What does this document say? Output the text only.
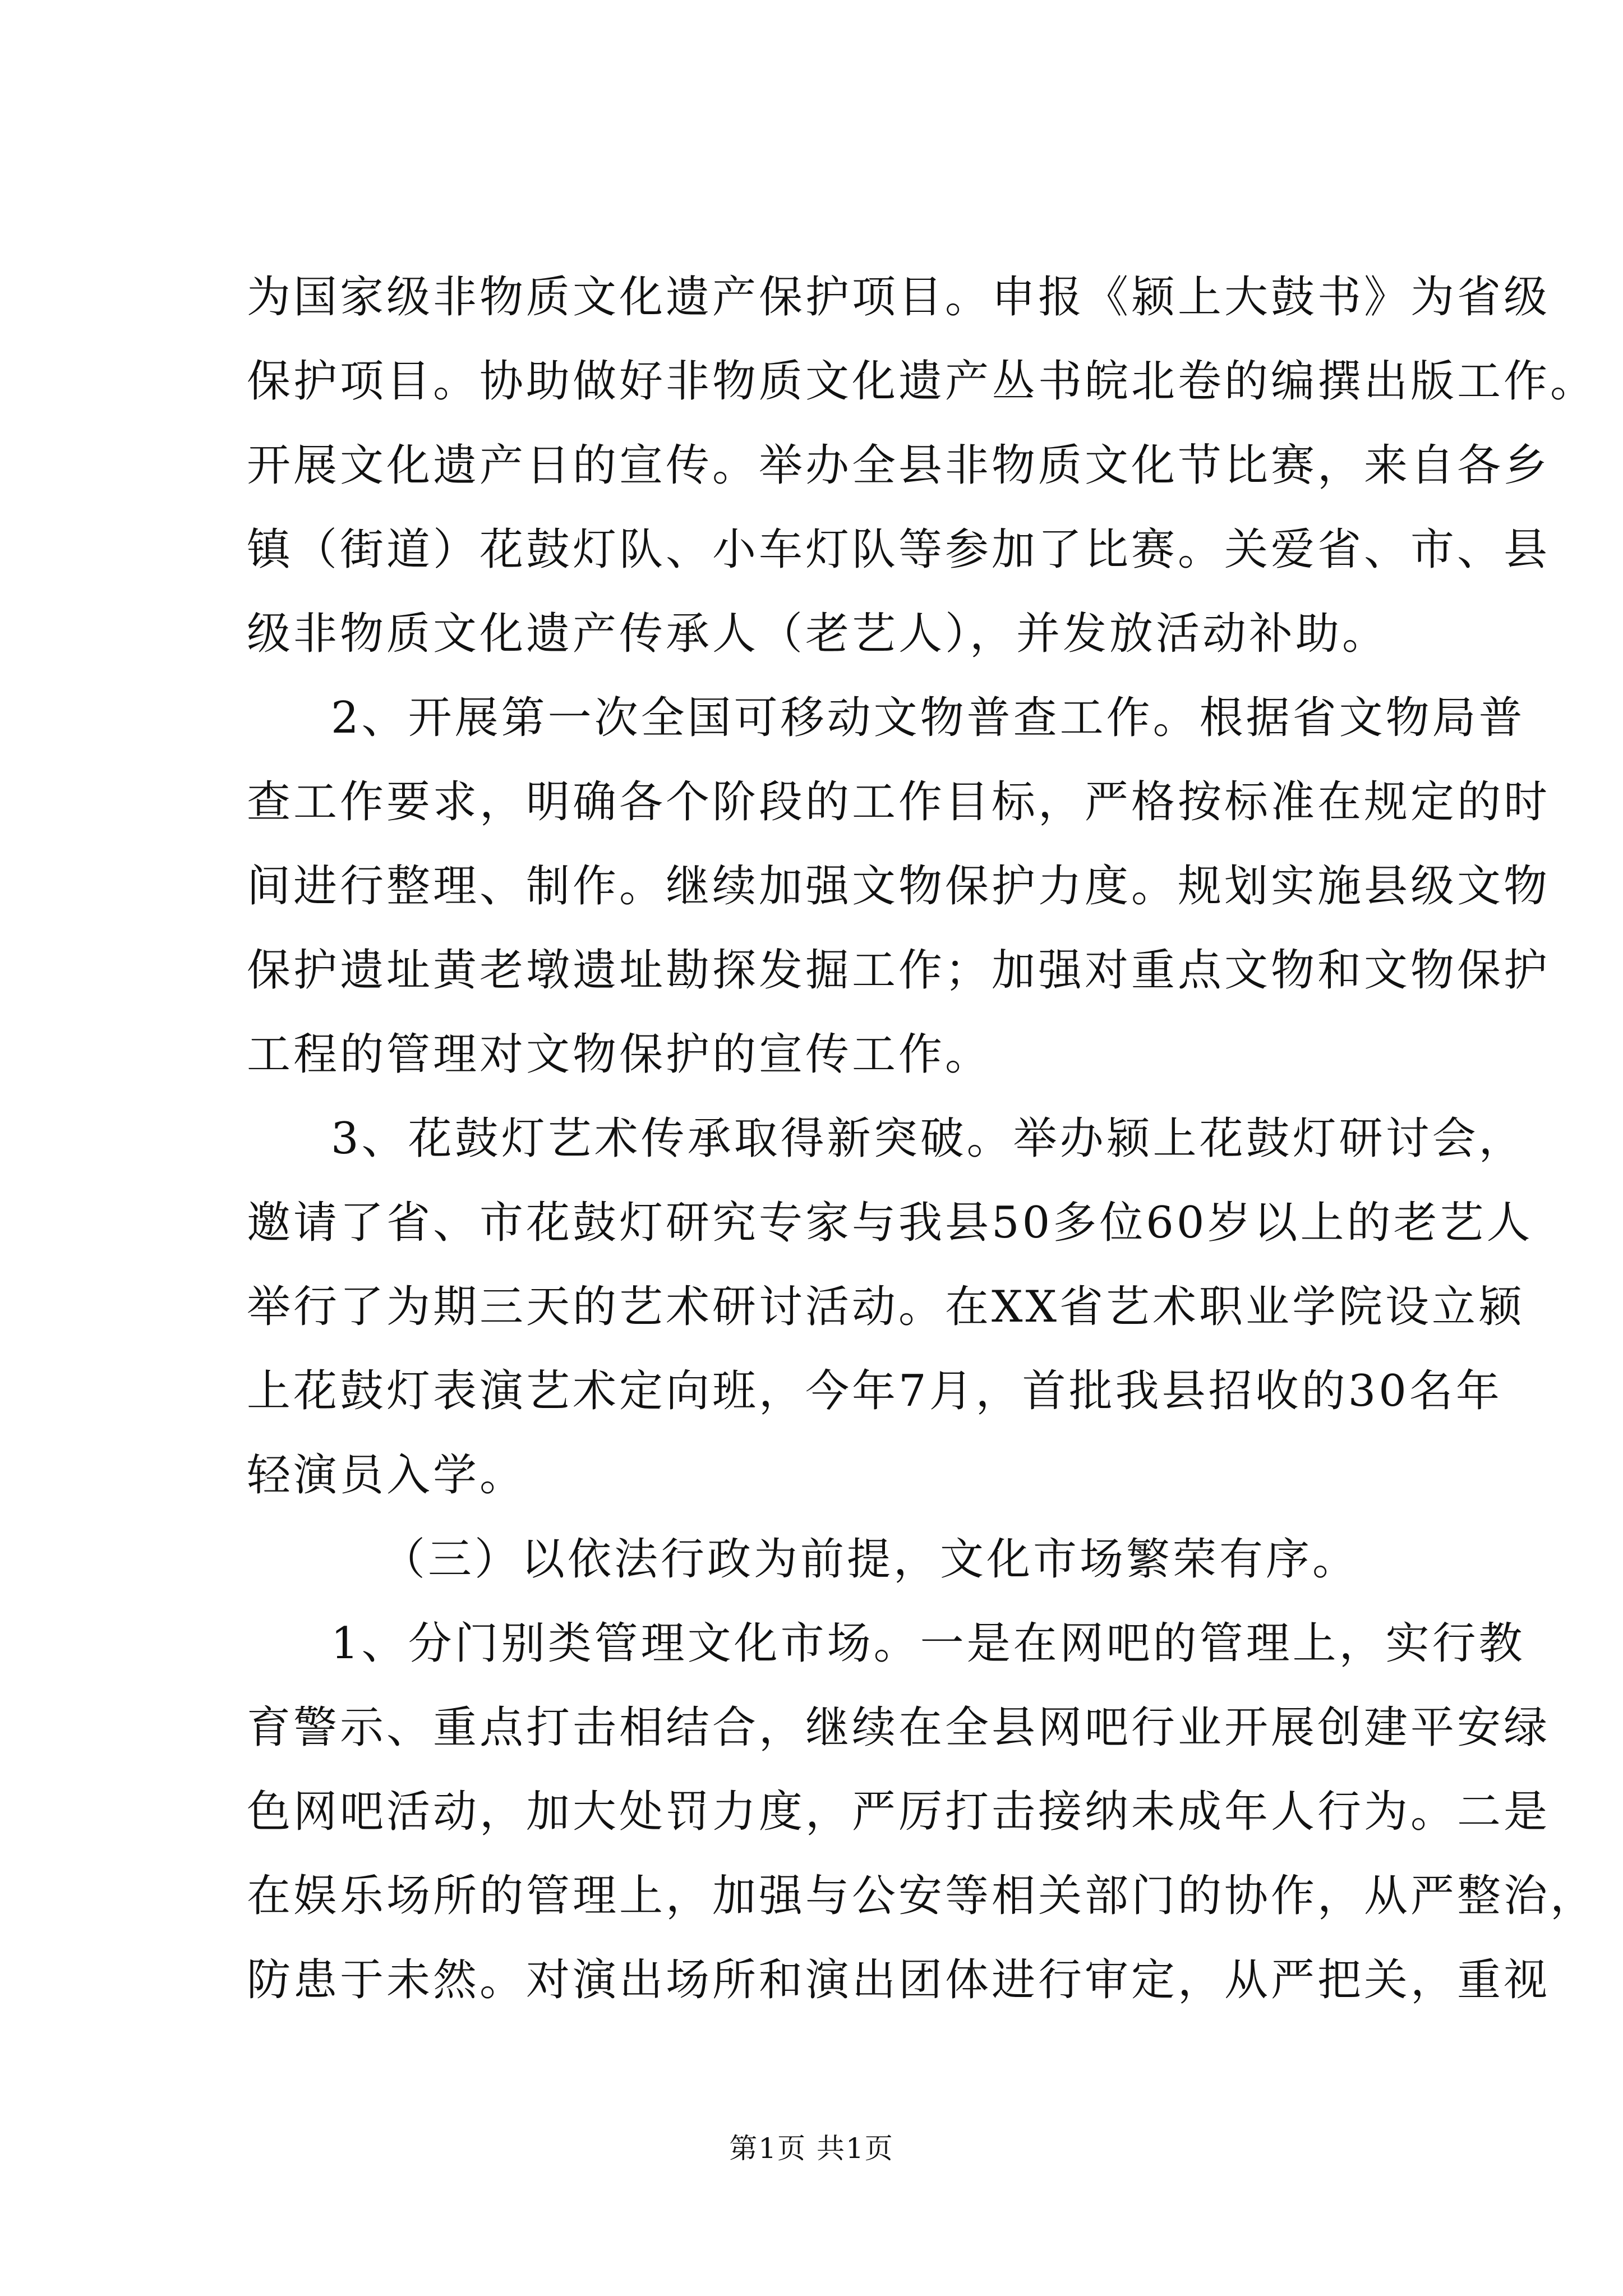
为国家级非物质文化遗产保护项目。申报《颍上大鼓书》为省级

保护项目。协助做好非物质文化遗产丛书皖北卷的编撰出版工作。

开展文化遗产日的宣传。举办全县非物质文化节比赛，来自各乡

镇（街道）花鼓灯队、小车灯队等参加了比赛。关爱省、市、县

级非物质文化遗产传承人（老艺人），并发放活动补助。

2、开展第一次全国可移动文物普查工作。根据省文物局普

查工作要求，明确各个阶段的工作目标，严格按标准在规定的时

间进行整理、制作。继续加强文物保护力度。规划实施县级文物

保护遗址黄老墩遗址勘探发掘工作；加强对重点文物和文物保护

工程的管理对文物保护的宣传工作。

3、花鼓灯艺术传承取得新突破。举办颍上花鼓灯研讨会，

邀请了省、市花鼓灯研究专家与我县50多位60岁以上的老艺人

举行了为期三天的艺术研讨活动。在XX省艺术职业学院设立颍

上花鼓灯表演艺术定向班，今年7月，首批我县招收的30名年

轻演员入学。

（三）以依法行政为前提，文化市场繁荣有序。

1、分门别类管理文化市场。一是在网吧的管理上，实行教

育警示、重点打击相结合，继续在全县网吧行业开展创建平安绿

色网吧活动，加大处罚力度，严厉打击接纳未成年人行为。二是

在娱乐场所的管理上，加强与公安等相关部门的协作，从严整治，

防患于未然。对演出场所和演出团体进行审定，从严把关，重视

第1页 共1页
